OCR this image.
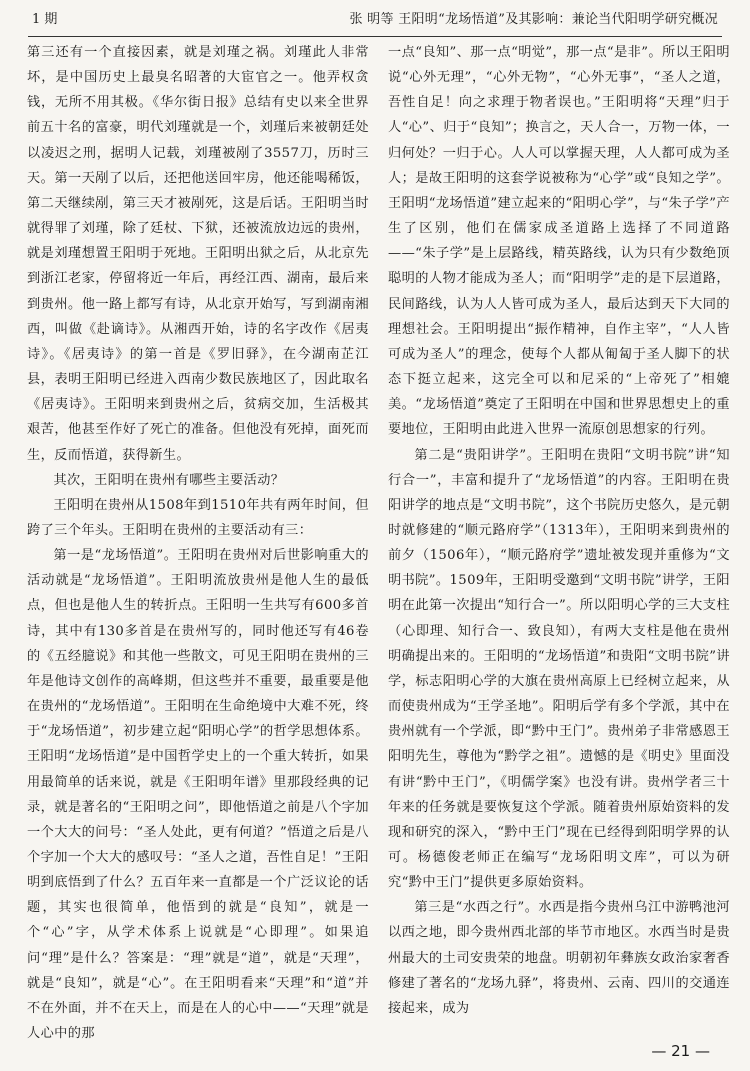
1 期	张 明等 王阳明“龙场悟道”及其影响：兼论当代阳明学研究概况

第三还有一个直接因素，就是刘瑾之祸。刘瑾此人非常坏，是中国历史上最臭名昭著的大宦官之一。他弄权贪钱，无所不用其极。《华尔街日报》总结有史以来全世界前五十名的富豪，明代刘瑾就是一个，刘瑾后来被朝廷处以凌迟之刑，据明人记载，刘瑾被剐了3557刀，历时三天。第一天剐了以后，还把他送回牢房，他还能喝稀饭，第二天继续剐，第三天才被剐死，这是后话。王阳明当时就得罪了刘瑾，除了廷杖、下狱，还被流放边远的贵州，就是刘瑾想置王阳明于死地。王阳明出狱之后，从北京先到浙江老家，停留将近一年后，再经江西、湖南，最后来到贵州。他一路上都写有诗，从北京开始写，写到湖南湘西，叫做《赴谪诗》。从湘西开始，诗的名字改作《居夷诗》。《居夷诗》的第一首是《罗旧驿》，在今湖南芷江县，表明王阳明已经进入西南少数民族地区了，因此取名《居夷诗》。王阳明来到贵州之后，贫病交加，生活极其艰苦，他甚至作好了死亡的准备。但他没有死掉，面死而生，反而悟道，获得新生。

其次，王阳明在贵州有哪些主要活动？

王阳明在贵州从1508年到1510年共有两年时间，但跨了三个年头。王阳明在贵州的主要活动有三：

第一是“龙场悟道”。王阳明在贵州对后世影响重大的活动就是“龙场悟道”。王阳明流放贵州是他人生的最低点，但也是他人生的转折点。王阳明一生共写有600多首诗，其中有130多首是在贵州写的，同时他还写有46卷的《五经臆说》和其他一些散文，可见王阳明在贵州的三年是他诗文创作的高峰期，但这些并不重要，最重要是他在贵州的“龙场悟道”。王阳明在生命绝境中大难不死，终于“龙场悟道”，初步建立起“阳明心学”的哲学思想体系。王阳明“龙场悟道”是中国哲学史上的一个重大转折，如果用最简单的话来说，就是《王阳明年谱》里那段经典的记录，就是著名的“王阳明之问”，即他悟道之前是八个字加一个大大的问号：“圣人处此，更有何道？”悟道之后是八个字加一个大大的感叹号：“圣人之道，吾性自足！”王阳明到底悟到了什么？五百年来一直都是一个广泛议论的话题，其实也很简单，他悟到的就是“良知”，就是一个“心”字，从学术体系上说就是“心即理”。如果追问“理”是什么？答案是：“理”就是“道”，就是“天理”，就是“良知”，就是“心”。在王阳明看来“天理”和“道”并不在外面，并不在天上，而是在人的心中——“天理”就是人心中的那

一点“良知”、那一点“明觉”，那一点“是非”。所以王阳明说“心外无理”，“心外无物”，“心外无事”，“圣人之道，吾性自足！向之求理于物者误也。”王阳明将“天理”归于人“心”、归于“良知”；换言之，天人合一，万物一体，一归何处？一归于心。人人可以掌握天理，人人都可成为圣人；是故王阳明的这套学说被称为“心学”或“良知之学”。王阳明“龙场悟道”建立起来的“阳明心学”，与“朱子学”产生了区别，他们在儒家成圣道路上选择了不同道路——“朱子学”是上层路线，精英路线，认为只有少数绝顶聪明的人物才能成为圣人；而“阳明学”走的是下层道路，民间路线，认为人人皆可成为圣人，最后达到天下大同的理想社会。王阳明提出“振作精神，自作主宰”，“人人皆可成为圣人”的理念，使每个人都从匍匐于圣人脚下的状态下挺立起来，这完全可以和尼采的“上帝死了”相媲美。“龙场悟道”奠定了王阳明在中国和世界思想史上的重要地位，王阳明由此进入世界一流原创思想家的行列。

第二是“贵阳讲学”。王阳明在贵阳“文明书院”讲“知行合一”，丰富和提升了“龙场悟道”的内容。王阳明在贵阳讲学的地点是“文明书院”，这个书院历史悠久，是元朝时就修建的“顺元路府学”（1313年），王阳明来到贵州的前夕（1506年），“顺元路府学”遗址被发现并重修为“文明书院”。1509年，王阳明受邀到“文明书院”讲学，王阳明在此第一次提出“知行合一”。所以阳明心学的三大支柱（心即理、知行合一、致良知），有两大支柱是他在贵州明确提出来的。王阳明的“龙场悟道”和贵阳“文明书院”讲学，标志阳明心学的大旗在贵州高原上已经树立起来，从而使贵州成为“王学圣地”。阳明后学有多个学派，其中在贵州就有一个学派，即“黔中王门”。贵州弟子非常感恩王阳明先生，尊他为“黔学之祖”。遗憾的是《明史》里面没有讲“黔中王门”，《明儒学案》也没有讲。贵州学者三十年来的任务就是要恢复这个学派。随着贵州原始资料的发现和研究的深入，“黔中王门”现在已经得到阳明学界的认可。杨德俊老师正在编写“龙场阳明文库”，可以为研究“黔中王门”提供更多原始资料。

第三是“水西之行”。水西是指今贵州乌江中游鸭池河以西之地，即今贵州西北部的毕节市地区。水西当时是贵州最大的土司安贵荣的地盘。明朝初年彝族女政治家奢香修建了著名的“龙场九驿”，将贵州、云南、四川的交通连接起来，成为

— 21 —
